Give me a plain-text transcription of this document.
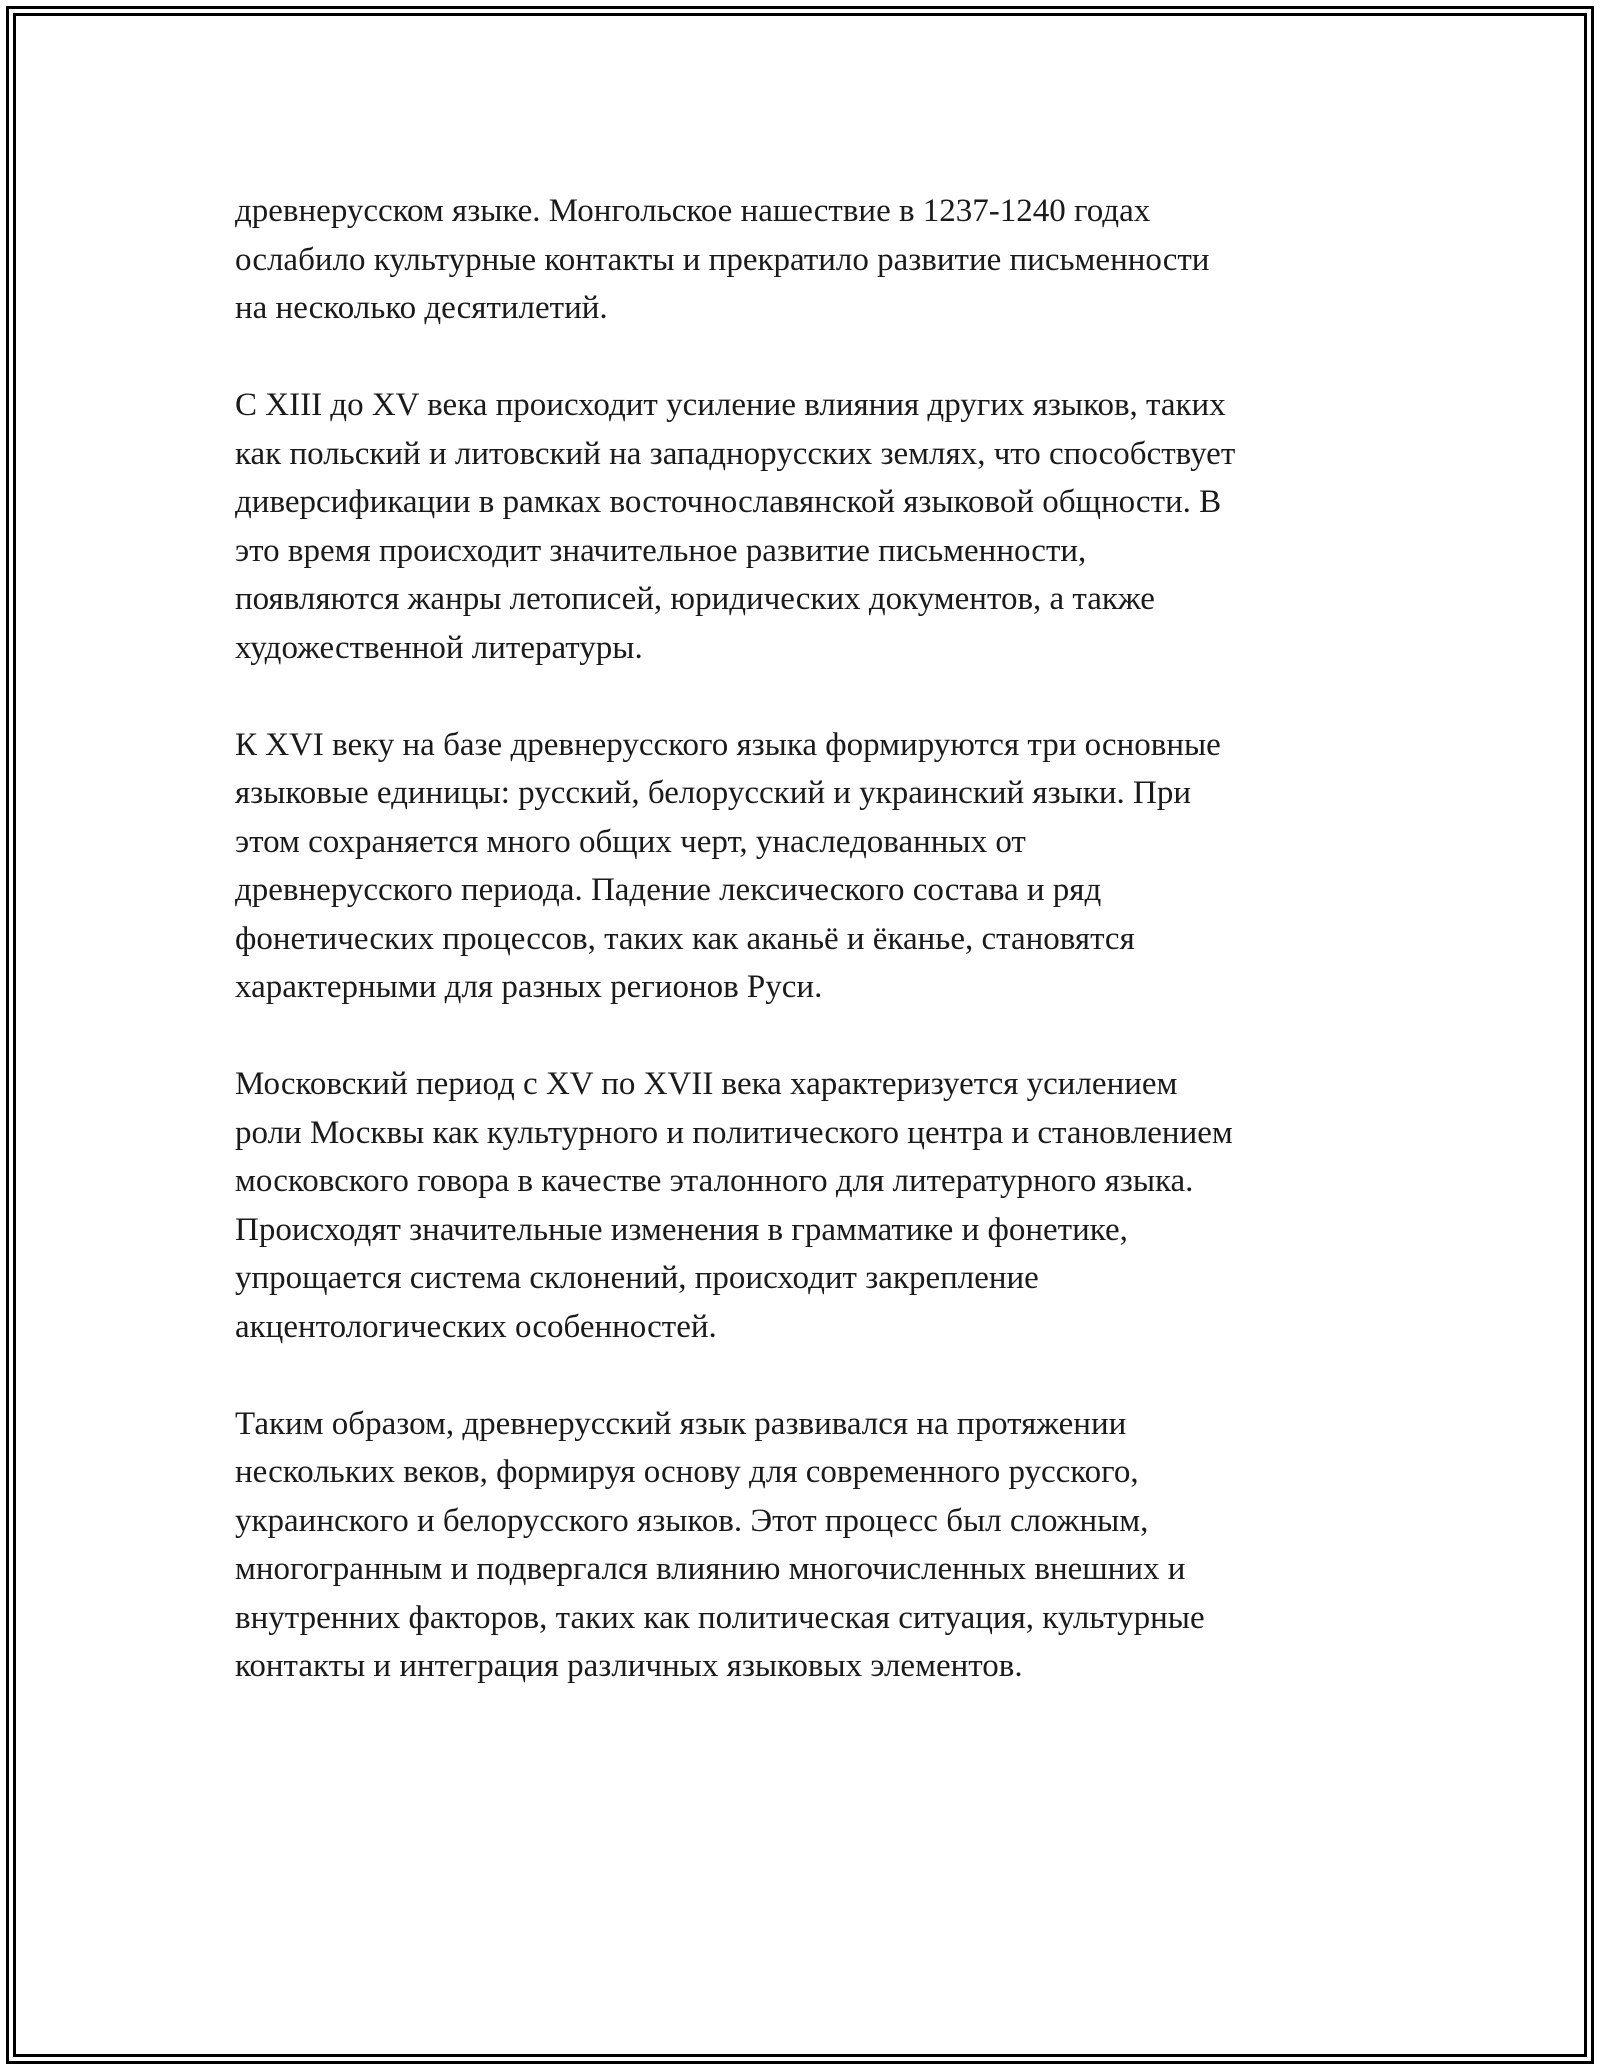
древнерусском языке. Монгольское нашествие в 1237-1240 годах
ослабило культурные контакты и прекратило развитие письменности
на несколько десятилетий.

С XIII до XV века происходит усиление влияния других языков, таких
как польский и литовский на западнорусских землях, что способствует
диверсификации в рамках восточнославянской языковой общности. В
это время происходит значительное развитие письменности,
появляются жанры летописей, юридических документов, а также
художественной литературы.

К XVI веку на базе древнерусского языка формируются три основные
языковые единицы: русский, белорусский и украинский языки. При
этом сохраняется много общих черт, унаследованных от
древнерусского периода. Падение лексического состава и ряд
фонетических процессов, таких как аканьё и ёканье, становятся
характерными для разных регионов Руси.

Московский период с XV по XVII века характеризуется усилением
роли Москвы как культурного и политического центра и становлением
московского говора в качестве эталонного для литературного языка.
Происходят значительные изменения в грамматике и фонетике,
упрощается система склонений, происходит закрепление
акцентологических особенностей.

Таким образом, древнерусский язык развивался на протяжении
нескольких веков, формируя основу для современного русского,
украинского и белорусского языков. Этот процесс был сложным,
многогранным и подвергался влиянию многочисленных внешних и
внутренних факторов, таких как политическая ситуация, культурные
контакты и интеграция различных языковых элементов.
